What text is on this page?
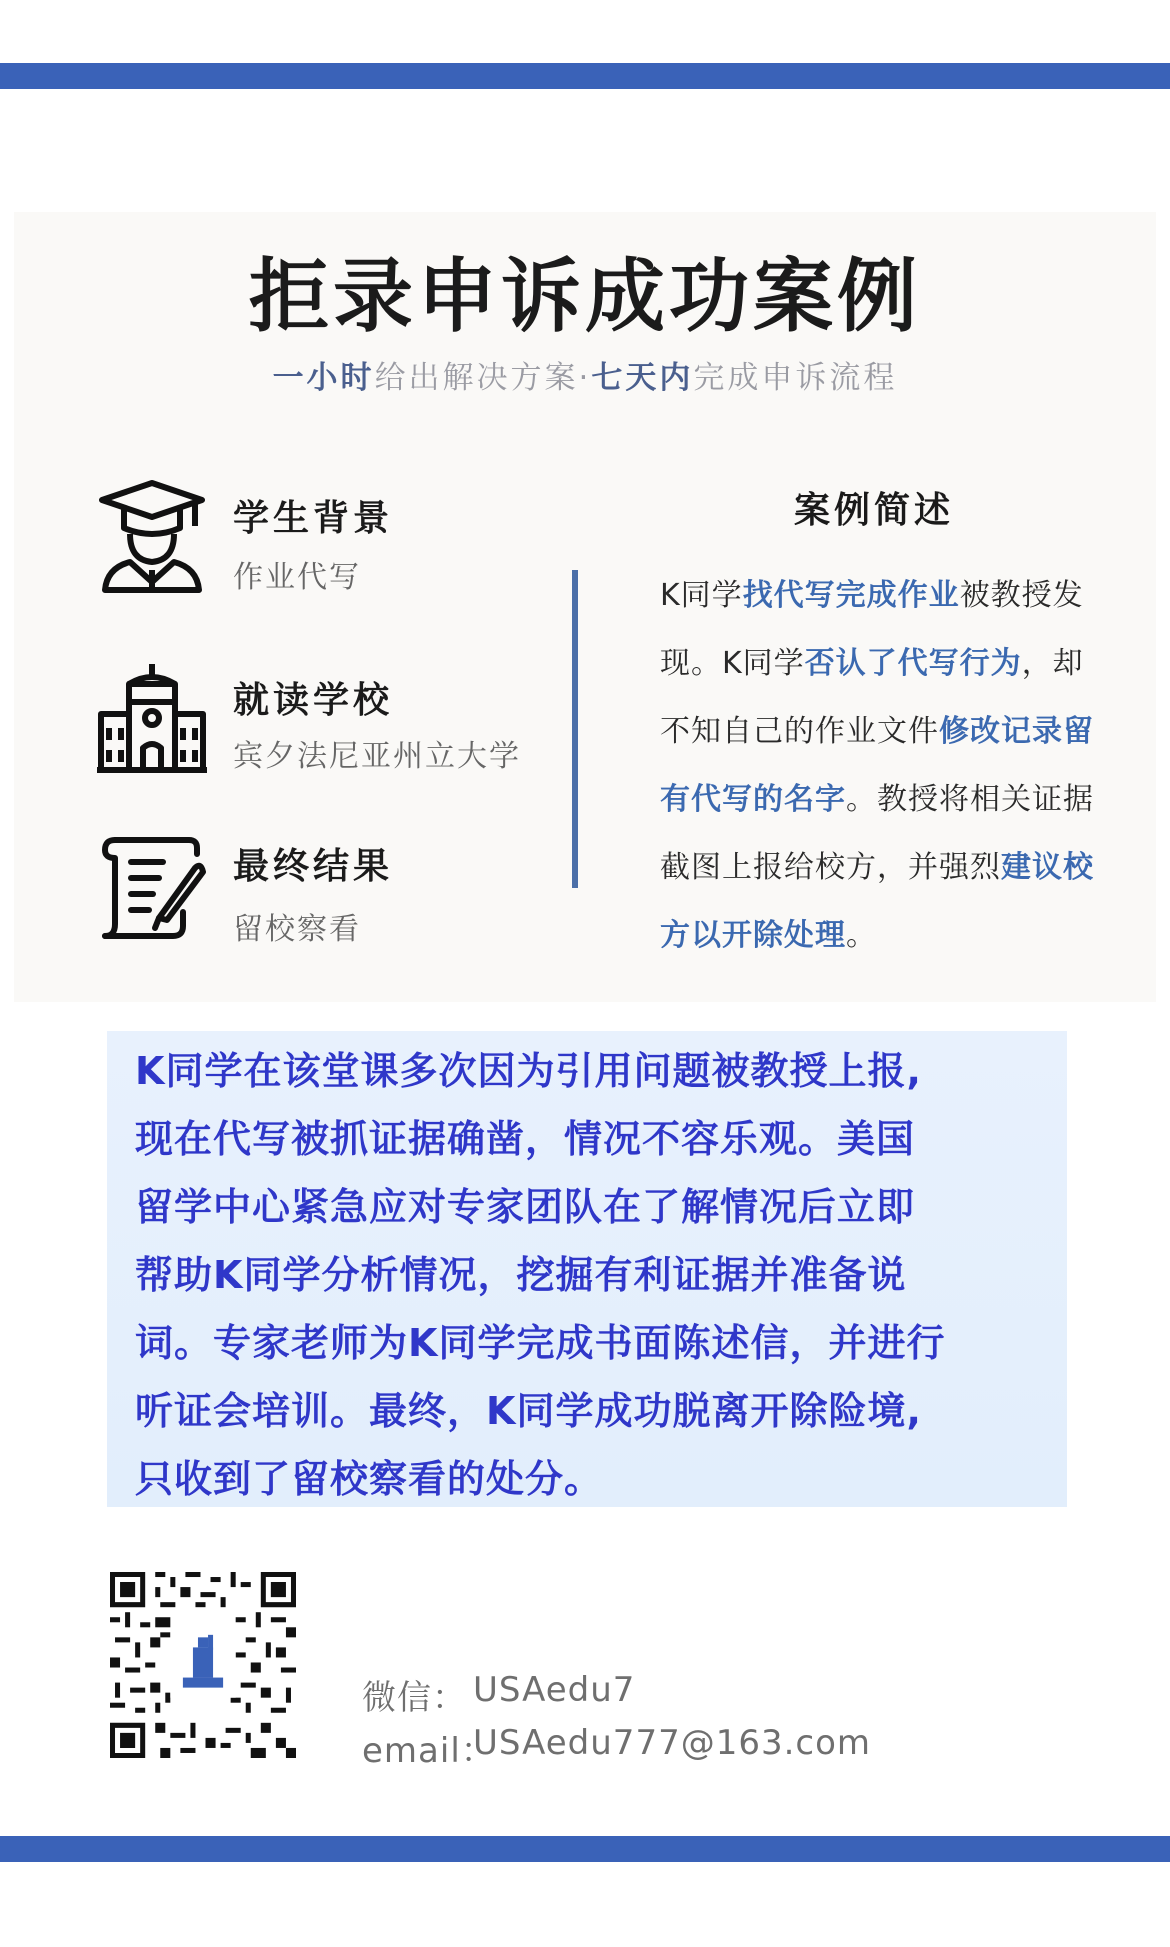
拒录申诉成功案例
一小时给出解决方案·七天内完成申诉流程
学生背景
作业代写
就读学校
宾夕法尼亚州立大学
最终结果
留校察看
案例简述
K同学找代写完成作业被教授发
现。K同学否认了代写行为，却
不知自己的作业文件修改记录留
有代写的名字。教授将相关证据
截图上报给校方，并强烈建议校
方以开除处理。
K同学在该堂课多次因为引用问题被教授上报,
现在代写被抓证据确凿，情况不容乐观。美国
留学中心紧急应对专家团队在了解情况后立即
帮助K同学分析情况，挖掘有利证据并准备说
词。专家老师为K同学完成书面陈述信，并进行
听证会培训。最终，K同学成功脱离开除险境,
只收到了留校察看的处分。
微信： USAedu7
email：
USAedu777@163.com
